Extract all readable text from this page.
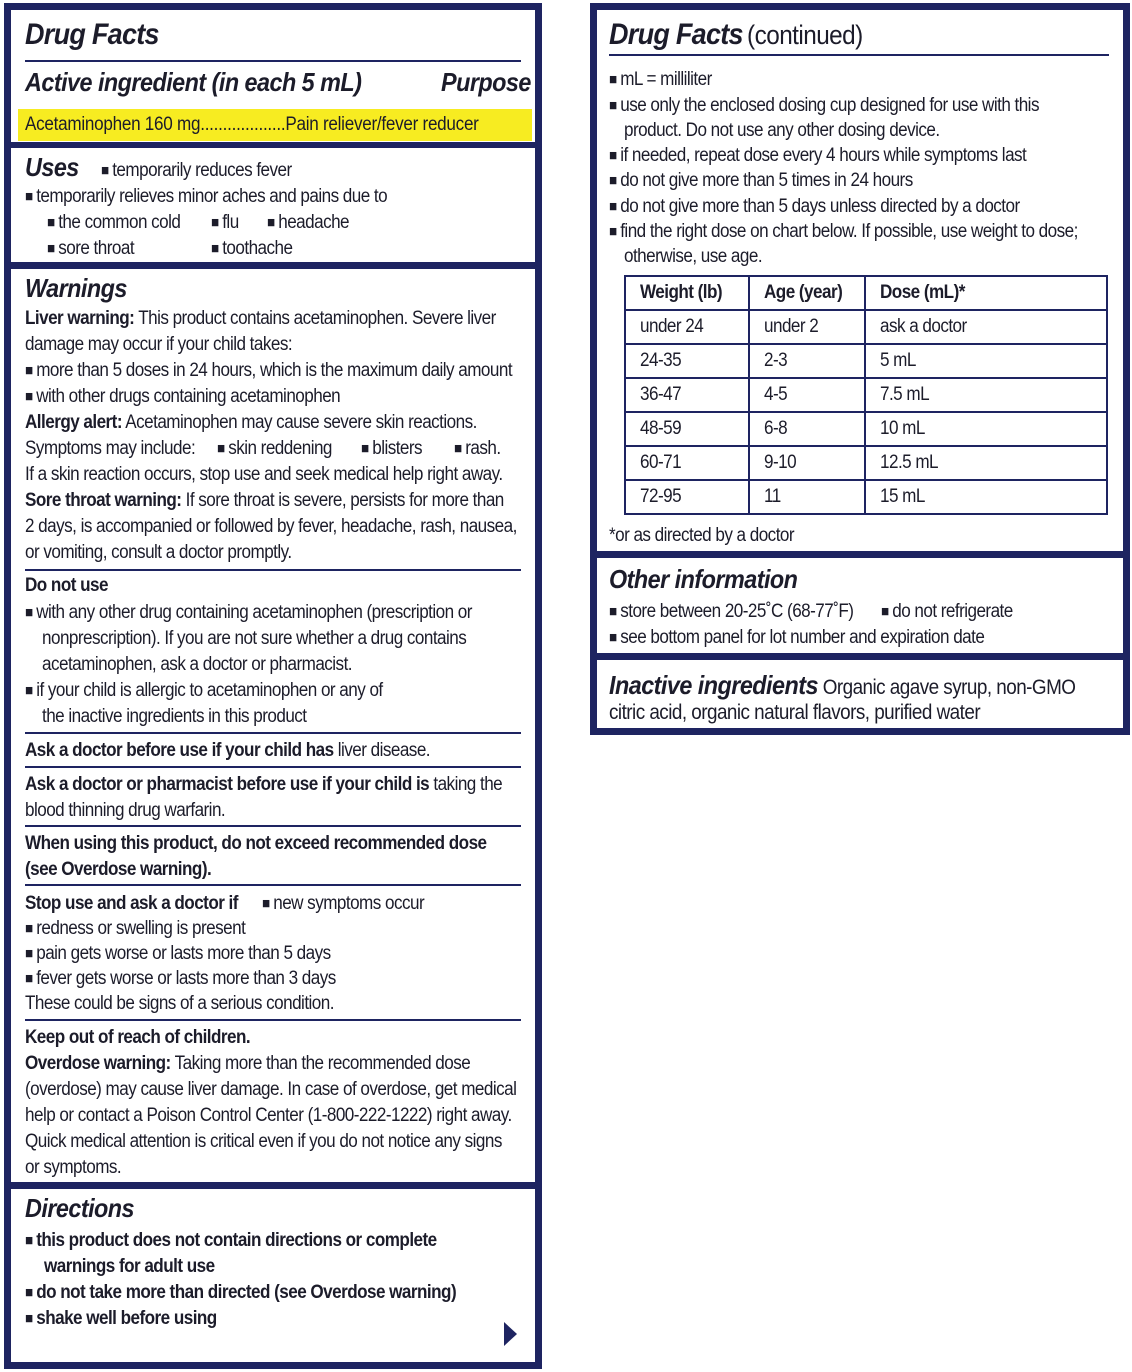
Drug Facts
Active ingredient (in each 5 mL)	Purpose
Acetaminophen 160 mg...................Pain reliever/fever reducer
Uses	■ temporarily reduces fever
■ temporarily relieves minor aches and pains due to
■ the common cold	■ flu	■ headache
■ sore throat	■ toothache
Warnings
Liver warning: This product contains acetaminophen. Severe liver
damage may occur if your child takes:
■ more than 5 doses in 24 hours, which is the maximum daily amount
■ with other drugs containing acetaminophen
Allergy alert: Acetaminophen may cause severe skin reactions.
Symptoms may include:	■ skin reddening	■ blisters	■ rash.
If a skin reaction occurs, stop use and seek medical help right away.
Sore throat warning: If sore throat is severe, persists for more than
2 days, is accompanied or followed by fever, headache, rash, nausea,
or vomiting, consult a doctor promptly.
Do not use
■ with any other drug containing acetaminophen (prescription or
nonprescription). If you are not sure whether a drug contains
acetaminophen, ask a doctor or pharmacist.
■ if your child is allergic to acetaminophen or any of
the inactive ingredients in this product
Ask a doctor before use if your child has liver disease.
Ask a doctor or pharmacist before use if your child is taking the
blood thinning drug warfarin.
When using this product, do not exceed recommended dose
(see Overdose warning).
Stop use and ask a doctor if	■ new symptoms occur
■ redness or swelling is present
■ pain gets worse or lasts more than 5 days
■ fever gets worse or lasts more than 3 days
These could be signs of a serious condition.
Keep out of reach of children.
Overdose warning: Taking more than the recommended dose
(overdose) may cause liver damage. In case of overdose, get medical
help or contact a Poison Control Center (1-800-222-1222) right away.
Quick medical attention is critical even if you do not notice any signs
or symptoms.
Directions
■ this product does not contain directions or complete
warnings for adult use
■ do not take more than directed (see Overdose warning)
■ shake well before using
Drug Facts (continued)
■ mL = milliliter
■ use only the enclosed dosing cup designed for use with this
product. Do not use any other dosing device.
■ if needed, repeat dose every 4 hours while symptoms last
■ do not give more than 5 times in 24 hours
■ do not give more than 5 days unless directed by a doctor
■ find the right dose on chart below. If possible, use weight to dose;
otherwise, use age.
Weight (lb)	Age (year)	Dose (mL)*
under 24	under 2	ask a doctor
24-35	2-3	5 mL
36-47	4-5	7.5 mL
48-59	6-8	10 mL
60-71	9-10	12.5 mL
72-95	11	15 mL
*or as directed by a doctor
Other information
■ store between 20-25˚C (68-77˚F)	■ do not refrigerate
■ see bottom panel for lot number and expiration date
Inactive ingredients Organic agave syrup, non-GMO
citric acid, organic natural flavors, purified water
